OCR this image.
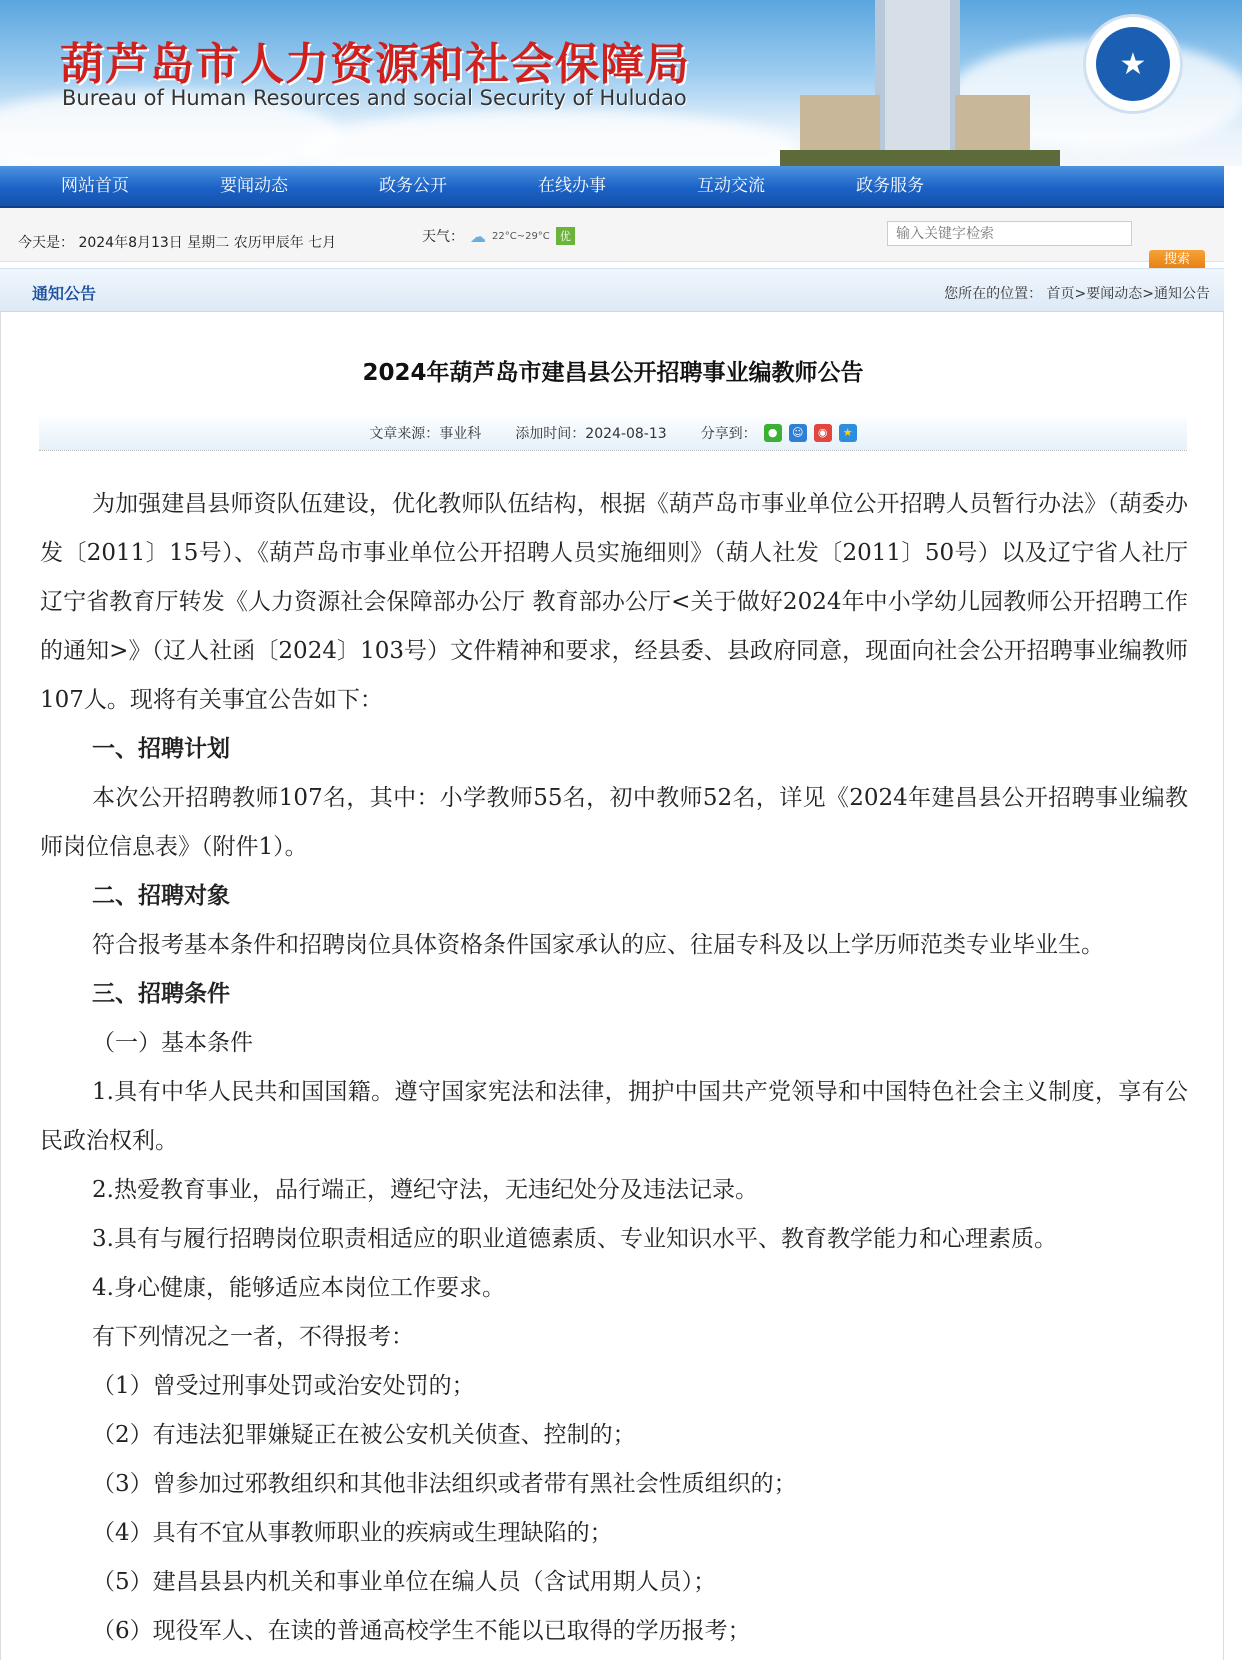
葫芦岛市人力资源和社会保障局
Bureau of Human Resources and social Security of Huludao
★
网站首页	要闻动态	政务公开	在线办事	互动交流	政务服务
今天是： 2024年8月13日 星期二 农历甲辰年 七月	天气： ☁ 22°C~29°C 优
输入关键字检索
搜索
通知公告	您所在的位置： 首页>要闻动态>通知公告
2024年葫芦岛市建昌县公开招聘事业编教师公告
文章来源：事业科 添加时间：2024-08-13 分享到：	●	☺	◉	★

为加强建昌县师资队伍建设，优化教师队伍结构，根据《葫芦岛市事业单位公开招聘人员暂行办法》（葫委办发〔2011〕15号）、《葫芦岛市事业单位公开招聘人员实施细则》（葫人社发〔2011〕50号）以及辽宁省人社厅 辽宁省教育厅转发《人力资源社会保障部办公厅 教育部办公厅<关于做好2024年中小学幼儿园教师公开招聘工作的通知>》（辽人社函〔2024〕103号）文件精神和要求，经县委、县政府同意，现面向社会公开招聘事业编教师107人。现将有关事宜公告如下：

一、招聘计划

本次公开招聘教师107名，其中：小学教师55名，初中教师52名，详见《2024年建昌县公开招聘事业编教师岗位信息表》（附件1）。

二、招聘对象

符合报考基本条件和招聘岗位具体资格条件国家承认的应、往届专科及以上学历师范类专业毕业生。

三、招聘条件

（一）基本条件

1.具有中华人民共和国国籍。遵守国家宪法和法律，拥护中国共产党领导和中国特色社会主义制度，享有公民政治权利。

2.热爱教育事业，品行端正，遵纪守法，无违纪处分及违法记录。

3.具有与履行招聘岗位职责相适应的职业道德素质、专业知识水平、教育教学能力和心理素质。

4.身心健康，能够适应本岗位工作要求。

有下列情况之一者，不得报考：

（1）曾受过刑事处罚或治安处罚的；

（2）有违法犯罪嫌疑正在被公安机关侦查、控制的；

（3）曾参加过邪教组织和其他非法组织或者带有黑社会性质组织的；

（4）具有不宜从事教师职业的疾病或生理缺陷的；

（5）建昌县县内机关和事业单位在编人员（含试用期人员）；

（6）现役军人、在读的普通高校学生不能以已取得的学历报考；
